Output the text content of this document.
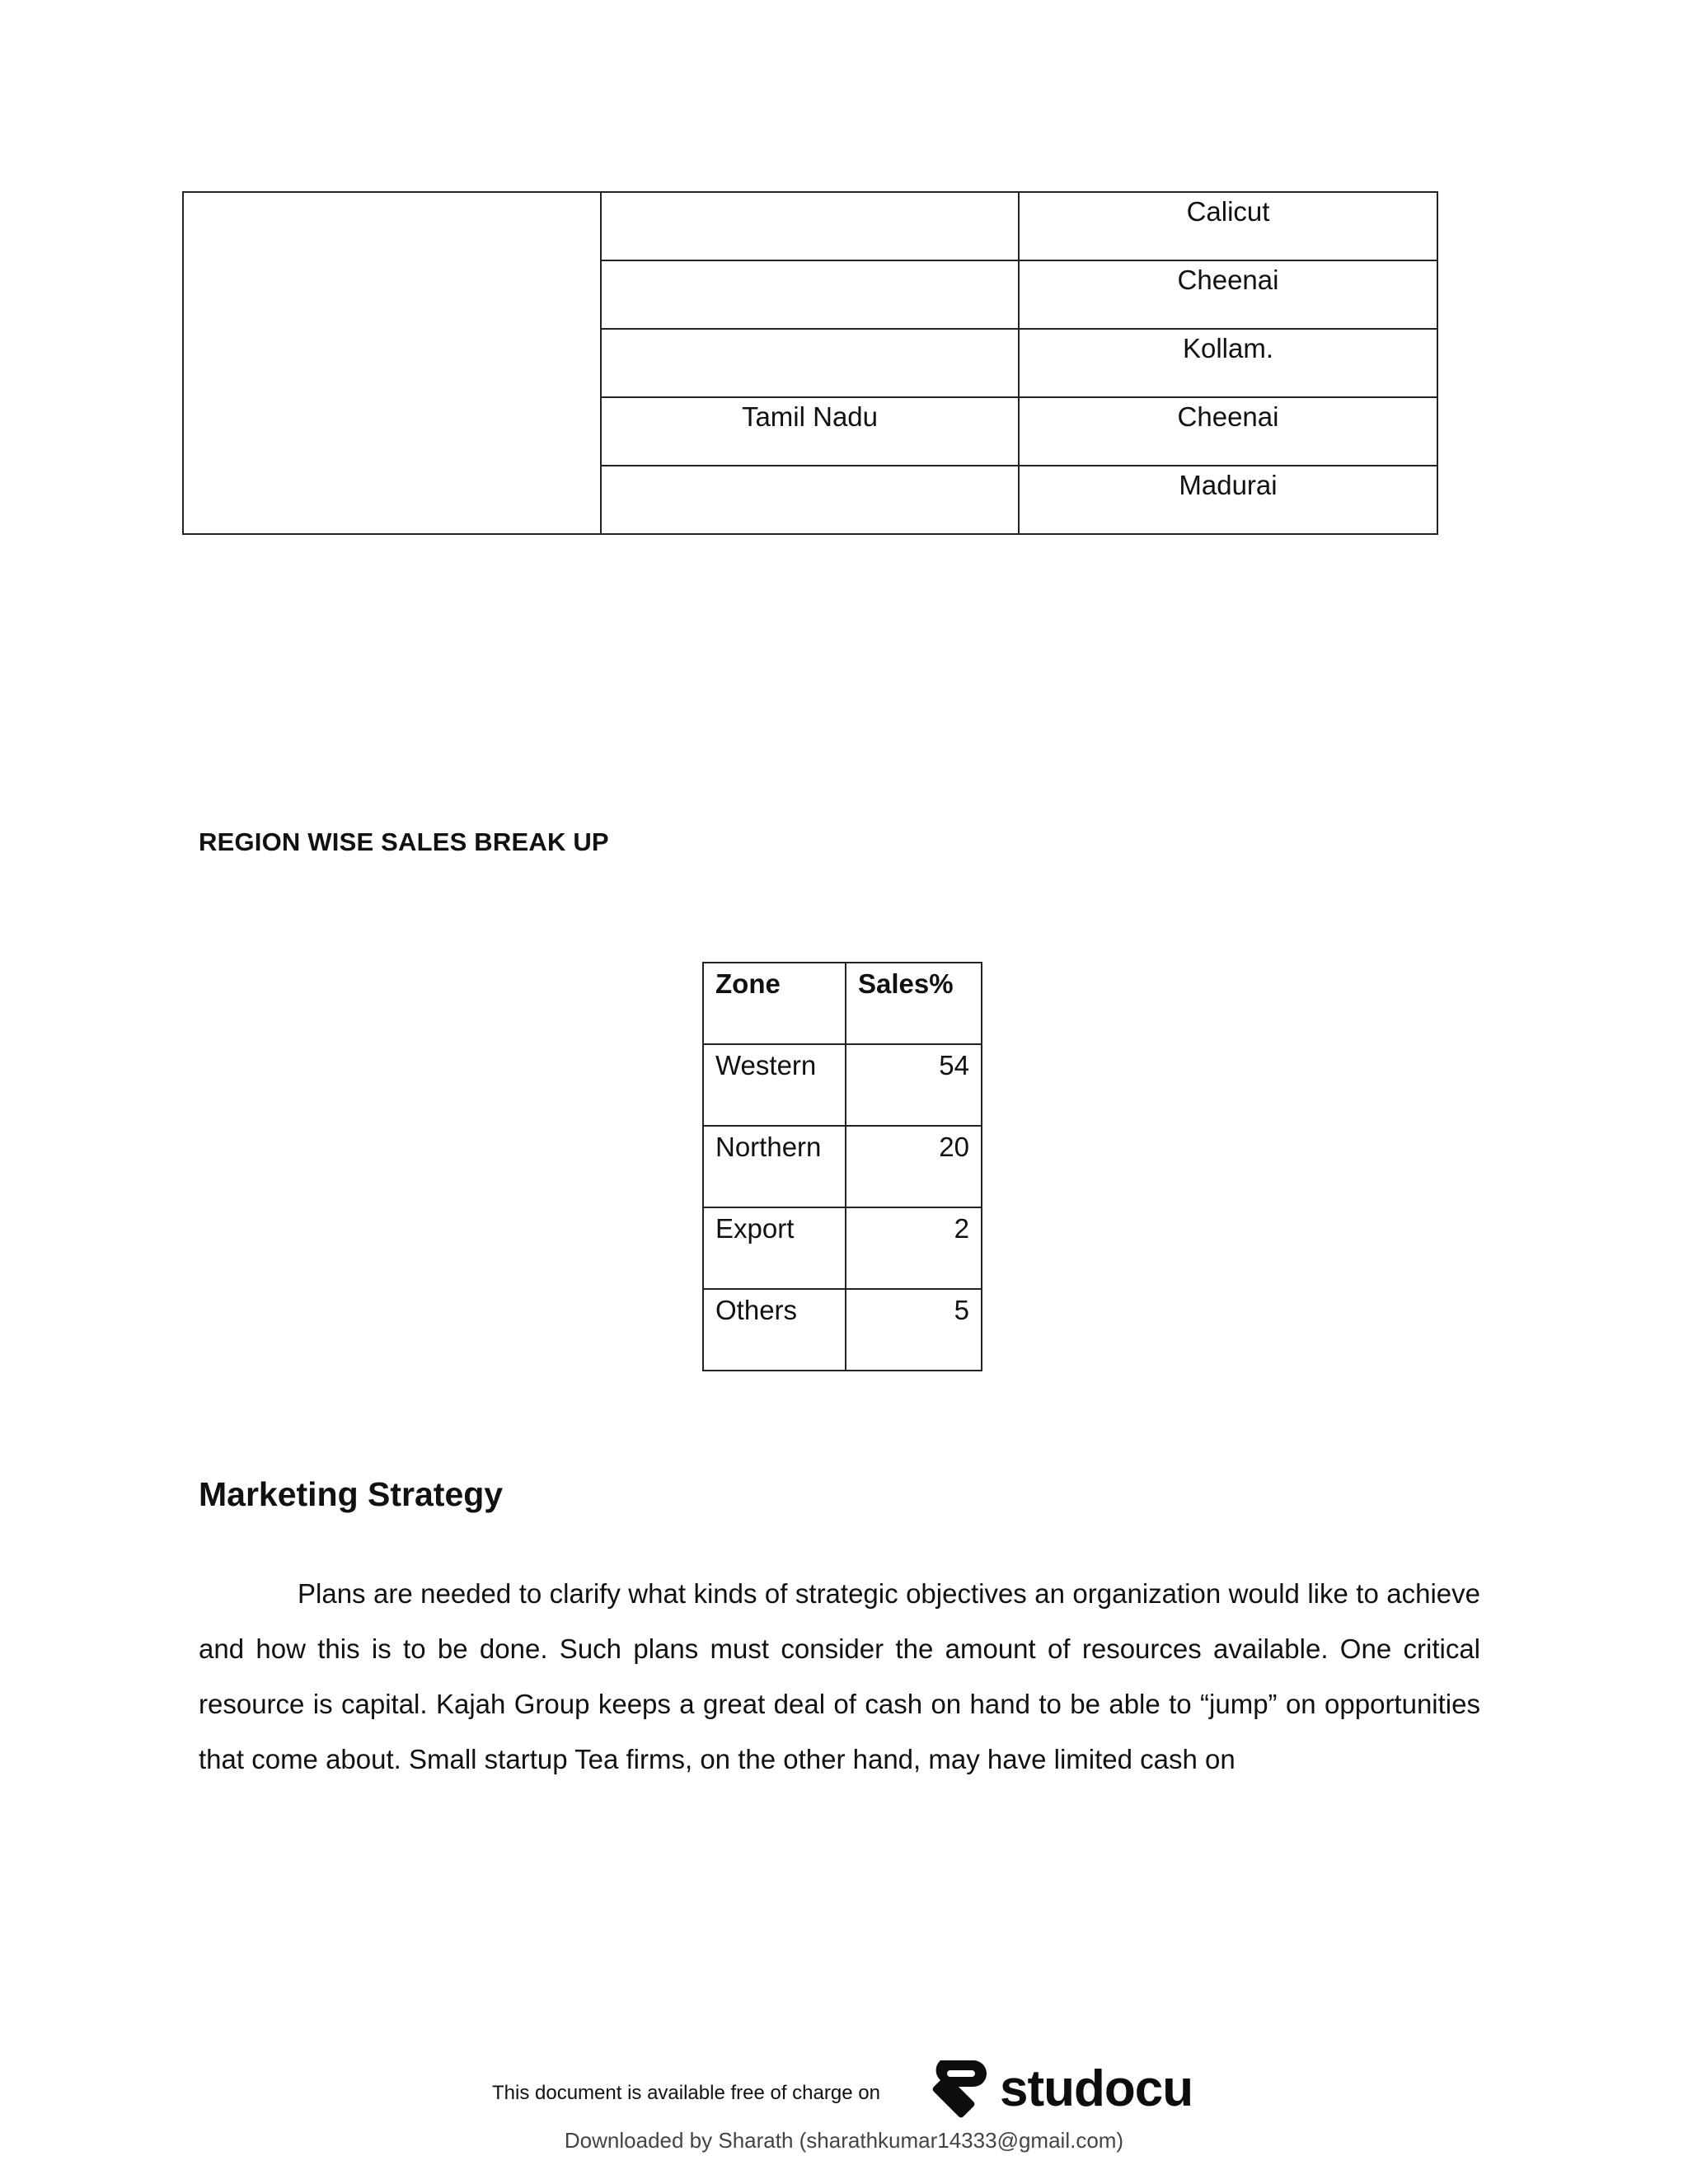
		Calicut

		Cheenai

		Kollam.

	Tamil Nadu	Cheenai

		Madurai
REGION WISE SALES BREAK UP
Zone	Sales%

Western	54

Northern	20

Export	2

Others	5
Marketing Strategy

Plans are needed to clarify what kinds of strategic objectives an organization would like to achieve and how this is to be done. Such plans must consider the amount of resources available. One critical resource is capital. Kajah Group keeps a great deal of cash on hand to be able to “jump” on opportunities that come about. Small startup Tea firms, on the other hand, may have limited cash on

This document is available free of charge on studocu
Downloaded by Sharath (sharathkumar14333@gmail.com)
